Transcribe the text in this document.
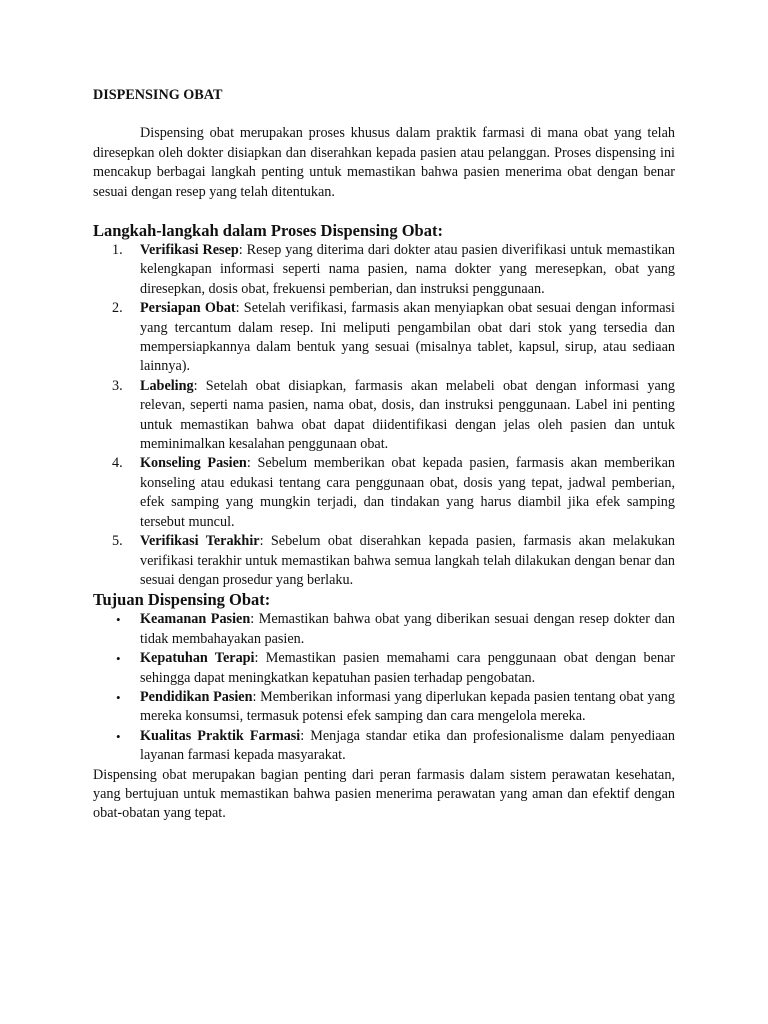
DISPENSING OBAT

Dispensing obat merupakan proses khusus dalam praktik farmasi di mana obat yang telah diresepkan oleh dokter disiapkan dan diserahkan kepada pasien atau pelanggan. Proses dispensing ini mencakup berbagai langkah penting untuk memastikan bahwa pasien menerima obat dengan benar sesuai dengan resep yang telah ditentukan.

Langkah-langkah dalam Proses Dispensing Obat:

1. Verifikasi Resep: Resep yang diterima dari dokter atau pasien diverifikasi untuk memastikan kelengkapan informasi seperti nama pasien, nama dokter yang meresepkan, obat yang diresepkan, dosis obat, frekuensi pemberian, dan instruksi penggunaan.
2. Persiapan Obat: Setelah verifikasi, farmasis akan menyiapkan obat sesuai dengan informasi yang tercantum dalam resep. Ini meliputi pengambilan obat dari stok yang tersedia dan mempersiapkannya dalam bentuk yang sesuai (misalnya tablet, kapsul, sirup, atau sediaan lainnya).
3. Labeling: Setelah obat disiapkan, farmasis akan melabeli obat dengan informasi yang relevan, seperti nama pasien, nama obat, dosis, dan instruksi penggunaan. Label ini penting untuk memastikan bahwa obat dapat diidentifikasi dengan jelas oleh pasien dan untuk meminimalkan kesalahan penggunaan obat.
4. Konseling Pasien: Sebelum memberikan obat kepada pasien, farmasis akan memberikan konseling atau edukasi tentang cara penggunaan obat, dosis yang tepat, jadwal pemberian, efek samping yang mungkin terjadi, dan tindakan yang harus diambil jika efek samping tersebut muncul.
5. Verifikasi Terakhir: Sebelum obat diserahkan kepada pasien, farmasis akan melakukan verifikasi terakhir untuk memastikan bahwa semua langkah telah dilakukan dengan benar dan sesuai dengan prosedur yang berlaku.

Tujuan Dispensing Obat:

• Keamanan Pasien: Memastikan bahwa obat yang diberikan sesuai dengan resep dokter dan tidak membahayakan pasien.
• Kepatuhan Terapi: Memastikan pasien memahami cara penggunaan obat dengan benar sehingga dapat meningkatkan kepatuhan pasien terhadap pengobatan.
• Pendidikan Pasien: Memberikan informasi yang diperlukan kepada pasien tentang obat yang mereka konsumsi, termasuk potensi efek samping dan cara mengelola mereka.
• Kualitas Praktik Farmasi: Menjaga standar etika dan profesionalisme dalam penyediaan layanan farmasi kepada masyarakat.

Dispensing obat merupakan bagian penting dari peran farmasis dalam sistem perawatan kesehatan, yang bertujuan untuk memastikan bahwa pasien menerima perawatan yang aman dan efektif dengan obat-obatan yang tepat.
